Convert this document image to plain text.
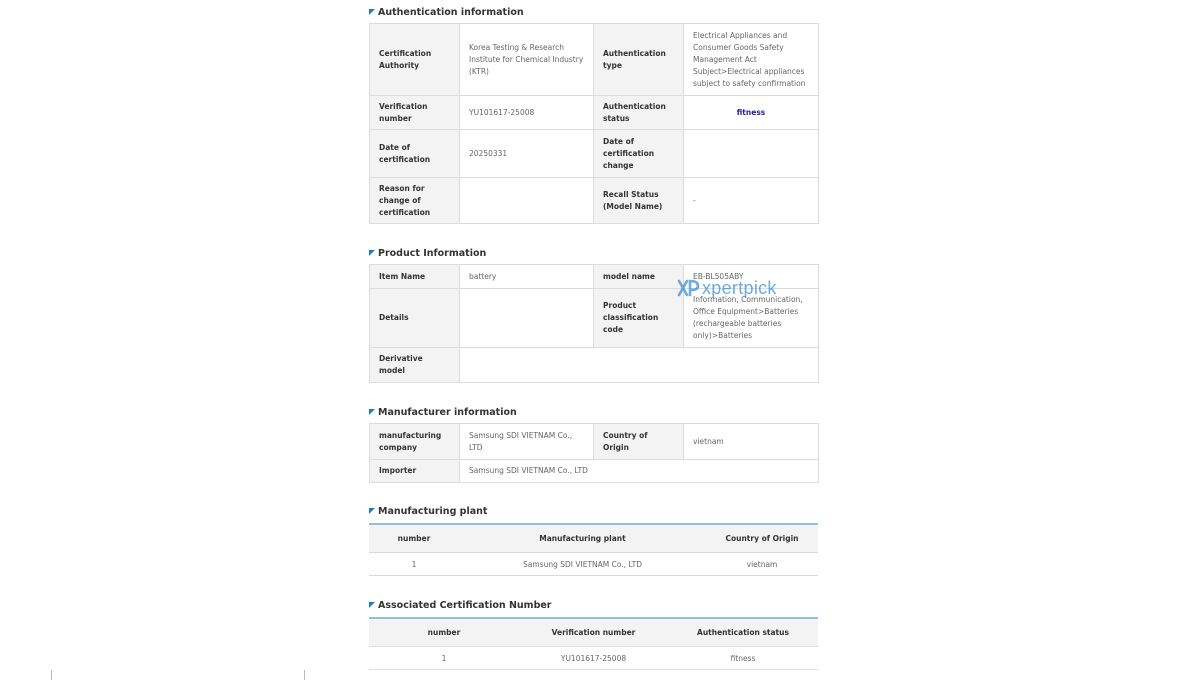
Authentication information
Certification Authority	Korea Testing & Research Institute for Chemical Industry (KTR)	Authentication type	Electrical Appliances and Consumer Goods Safety Management Act Subject>Electrical appliances subject to safety confirmation
Verification number	YU101617-25008	Authentication status	fitness
Date of certification	20250331	Date of certification change	
Reason for change of certification		Recall Status (Model Name)	-
Product Information
Item Name	battery	model name	EB-BL505ABY
Details		Product classification code	Information, Communication, Office Equipment>Batteries (rechargeable batteries only)>Batteries
Derivative model			
Manufacturer information
manufacturing company	Samsung SDI VIETNAM Co., LTD	Country of Origin	vietnam
Importer	Samsung SDI VIETNAM Co., LTD		
Manufacturing plant
number	Manufacturing plant	Country of Origin
1	Samsung SDI VIETNAM Co., LTD	vietnam
Associated Certification Number
number	Verification number	Authentication status
1	YU101617-25008	fitness
XP xpertpick
